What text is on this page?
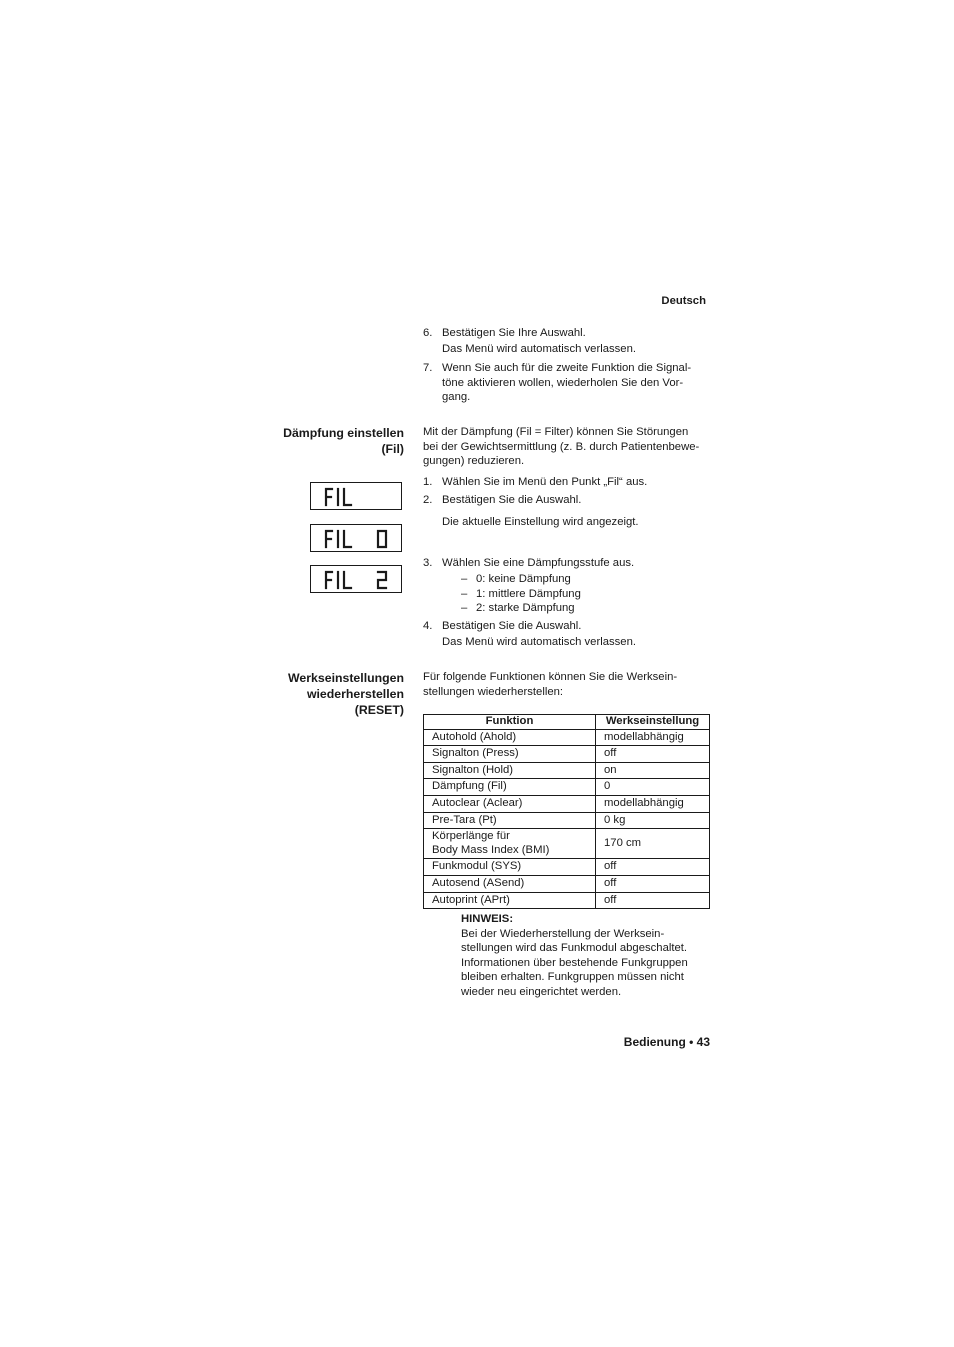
Deutsch
6. Bestätigen Sie Ihre Auswahl.
Das Menü wird automatisch verlassen.
7. Wenn Sie auch für die zweite Funktion die Signal-
töne aktivieren wollen, wiederholen Sie den Vor-
gang.
Dämpfung einstellen
(Fil)
Mit der Dämpfung (Fil = Filter) können Sie Störungen
bei der Gewichtsermittlung (z. B. durch Patientenbewe-
gungen) reduzieren.
1. Wählen Sie im Menü den Punkt „Fil“ aus.
2. Bestätigen Sie die Auswahl.
Die aktuelle Einstellung wird angezeigt.
3. Wählen Sie eine Dämpfungsstufe aus.
– 0: keine Dämpfung
– 1: mittlere Dämpfung
– 2: starke Dämpfung
4. Bestätigen Sie die Auswahl.
Das Menü wird automatisch verlassen.
Werkseinstellungen
wiederherstellen
(RESET)
Für folgende Funktionen können Sie die Werksein-
stellungen wiederherstellen:
Funktion	Werkseinstellung

Autohold (Ahold)	modellabhängig

Signalton (Press)	off

Signalton (Hold)	on

Dämpfung (Fil)	0

Autoclear (Aclear)	modellabhängig

Pre-Tara (Pt)	0 kg

Körperlänge für
Body Mass Index (BMI)	170 cm

Funkmodul (SYS)	off

Autosend (ASend)	off

Autoprint (APrt)	off
HINWEIS:
Bei der Wiederherstellung der Werksein-
stellungen wird das Funkmodul abgeschaltet.
Informationen über bestehende Funkgruppen
bleiben erhalten. Funkgruppen müssen nicht
wieder neu eingerichtet werden.
Bedienung • 43
